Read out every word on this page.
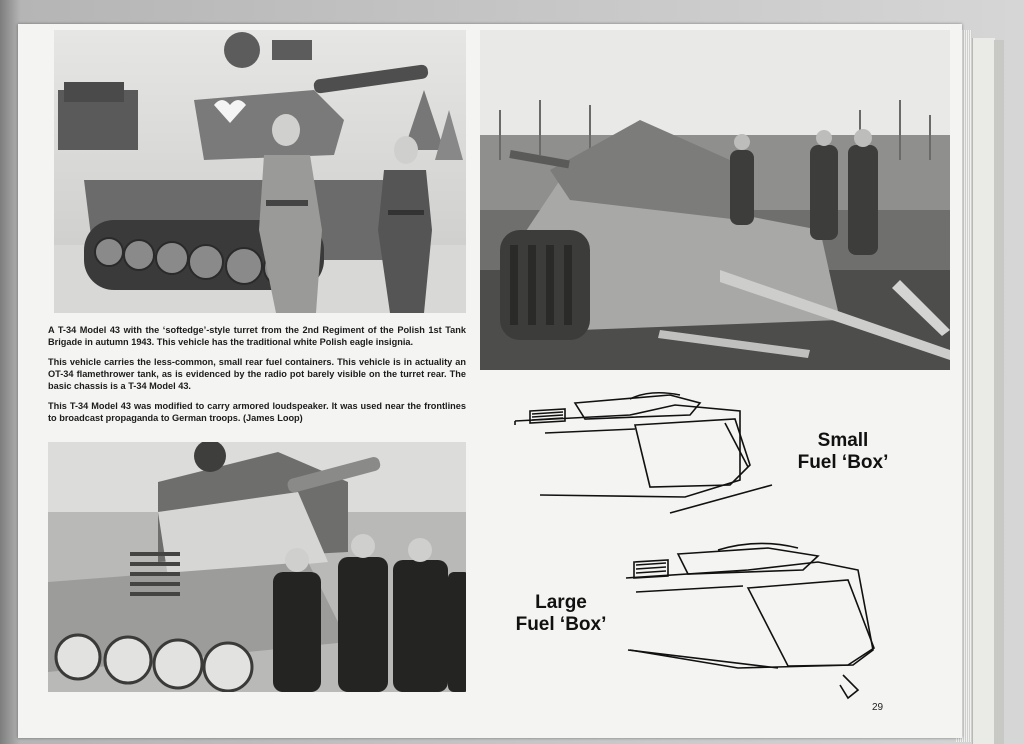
A T-34 Model 43 with the ‘softedge’-style turret from the 2nd Regiment of the Polish 1st Tank Brigade in autumn 1943. This vehicle has the traditional white Polish eagle insignia.

This vehicle carries the less-common, small rear fuel containers. This vehicle is in actuality an OT-34 flamethrower tank, as is evidenced by the radio pot barely visible on the turret rear. The basic chassis is a T-34 Model 43.

This T-34 Model 43 was modified to carry armored loudspeaker. It was used near the frontlines to broadcast propaganda to German troops. (James Loop)

Small
Fuel ‘Box’
Large
Fuel ‘Box’
29
